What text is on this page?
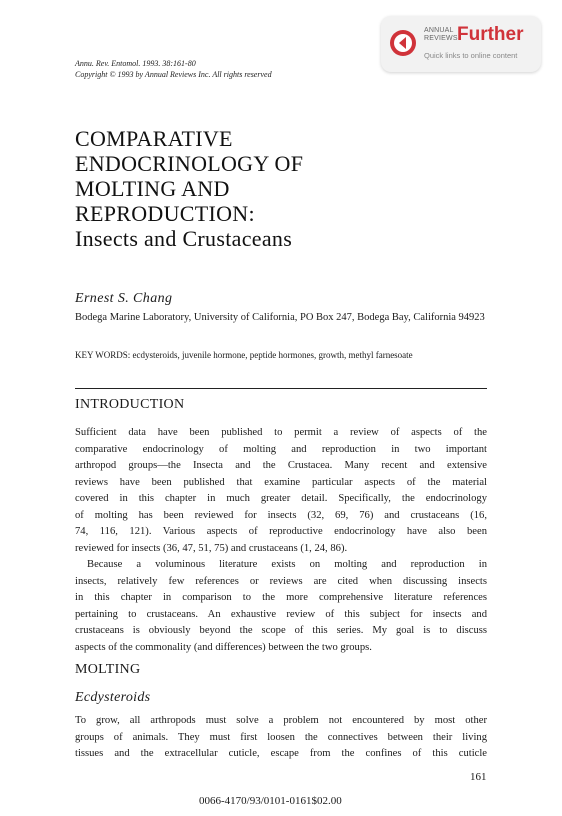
ANNUAL
REVIEWS Further
Quick links to online content
Annu. Rev. Entomol. 1993. 38:161-80
Copyright © 1993 by Annual Reviews Inc. All rights reserved
COMPARATIVE
ENDOCRINOLOGY OF
MOLTING AND
REPRODUCTION:
Insects and Crustaceans
Ernest S. Chang
Bodega Marine Laboratory, University of California, PO Box 247, Bodega Bay, California 94923
KEY WORDS: ecdysteroids, juvenile hormone, peptide hormones, growth, methyl farnesoate
INTRODUCTION
Sufficient data have been published to permit a review of aspects of the
comparative endocrinology of molting and reproduction in two important
arthropod groups—the Insecta and the Crustacea. Many recent and extensive
reviews have been published that examine particular aspects of the material
covered in this chapter in much greater detail. Specifically, the endocrinology
of molting has been reviewed for insects (32, 69, 76) and crustaceans (16,
74, 116, 121). Various aspects of reproductive endocrinology have also been
reviewed for insects (36, 47, 51, 75) and crustaceans (1, 24, 86).
Because a voluminous literature exists on molting and reproduction in
insects, relatively few references or reviews are cited when discussing insects
in this chapter in comparison to the more comprehensive literature references
pertaining to crustaceans. An exhaustive review of this subject for insects and
crustaceans is obviously beyond the scope of this series. My goal is to discuss
aspects of the commonality (and differences) between the two groups.
MOLTING
Ecdysteroids
To grow, all arthropods must solve a problem not encountered by most other
groups of animals. They must first loosen the connectives between their living
tissues and the extracellular cuticle, escape from the confines of this cuticle
161
0066-4170/93/0101-0161$02.00
